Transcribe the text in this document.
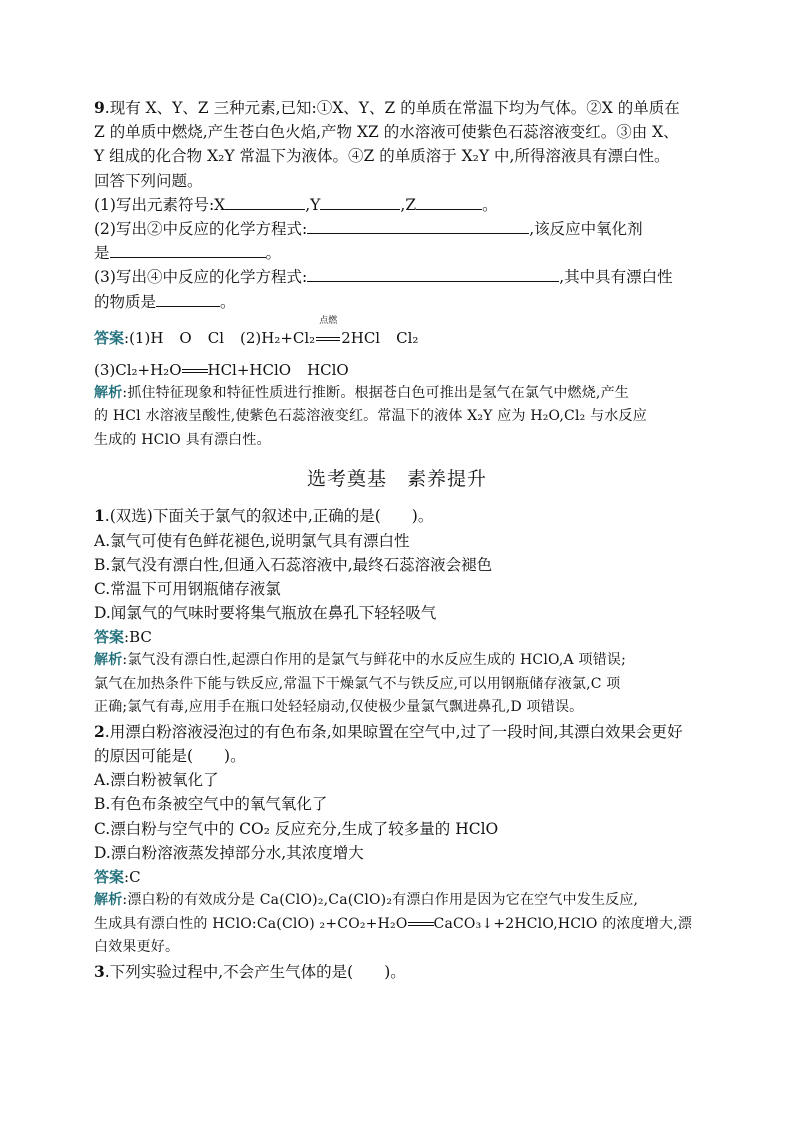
9.现有 X、Y、Z 三种元素,已知:①X、Y、Z 的单质在常温下均为气体。②X 的单质在
Z 的单质中燃烧,产生苍白色火焰,产物 XZ 的水溶液可使紫色石蕊溶液变红。③由 X、
Y 组成的化合物 X₂Y 常温下为液体。④Z 的单质溶于 X₂Y 中,所得溶液具有漂白性。
回答下列问题。
(1)写出元素符号:X	,Y	,Z	。
(2)写出②中反应的化学方程式:	,该反应中氧化剂
是	。
(3)写出④中反应的化学方程式:	,其中具有漂白性
的物质是	。
答案:(1)H O Cl (2)H₂+Cl₂
点燃
2HCl Cl₂
(3)Cl₂+H₂O HCl+HClO HClO
解析:抓住特征现象和特征性质进行推断。根据苍白色可推出是氢气在氯气中燃烧,产生
的 HCl 水溶液呈酸性,使紫色石蕊溶液变红。常温下的液体 X₂Y 应为 H₂O,Cl₂ 与水反应
生成的 HClO 具有漂白性。
选考奠基　素养提升
1.(双选)下面关于氯气的叙述中,正确的是(　　)。
A.氯气可使有色鲜花褪色,说明氯气具有漂白性
B.氯气没有漂白性,但通入石蕊溶液中,最终石蕊溶液会褪色
C.常温下可用钢瓶储存液氯
D.闻氯气的气味时要将集气瓶放在鼻孔下轻轻吸气
答案:BC
解析:氯气没有漂白性,起漂白作用的是氯气与鲜花中的水反应生成的 HClO,A 项错误;
氯气在加热条件下能与铁反应,常温下干燥氯气不与铁反应,可以用钢瓶储存液氯,C 项
正确;氯气有毒,应用手在瓶口处轻轻扇动,仅使极少量氯气飘进鼻孔,D 项错误。
2.用漂白粉溶液浸泡过的有色布条,如果晾置在空气中,过了一段时间,其漂白效果会更好
的原因可能是(　　)。
A.漂白粉被氧化了
B.有色布条被空气中的氧气氧化了
C.漂白粉与空气中的 CO₂ 反应充分,生成了较多量的 HClO
D.漂白粉溶液蒸发掉部分水,其浓度增大
答案:C
解析:漂白粉的有效成分是 Ca(ClO)₂,Ca(ClO)₂有漂白作用是因为它在空气中发生反应,
生成具有漂白性的 HClO:Ca(ClO) ₂+CO₂+H₂O CaCO₃↓+2HClO,HClO 的浓度增大,漂
白效果更好。
3.下列实验过程中,不会产生气体的是(　　)。
